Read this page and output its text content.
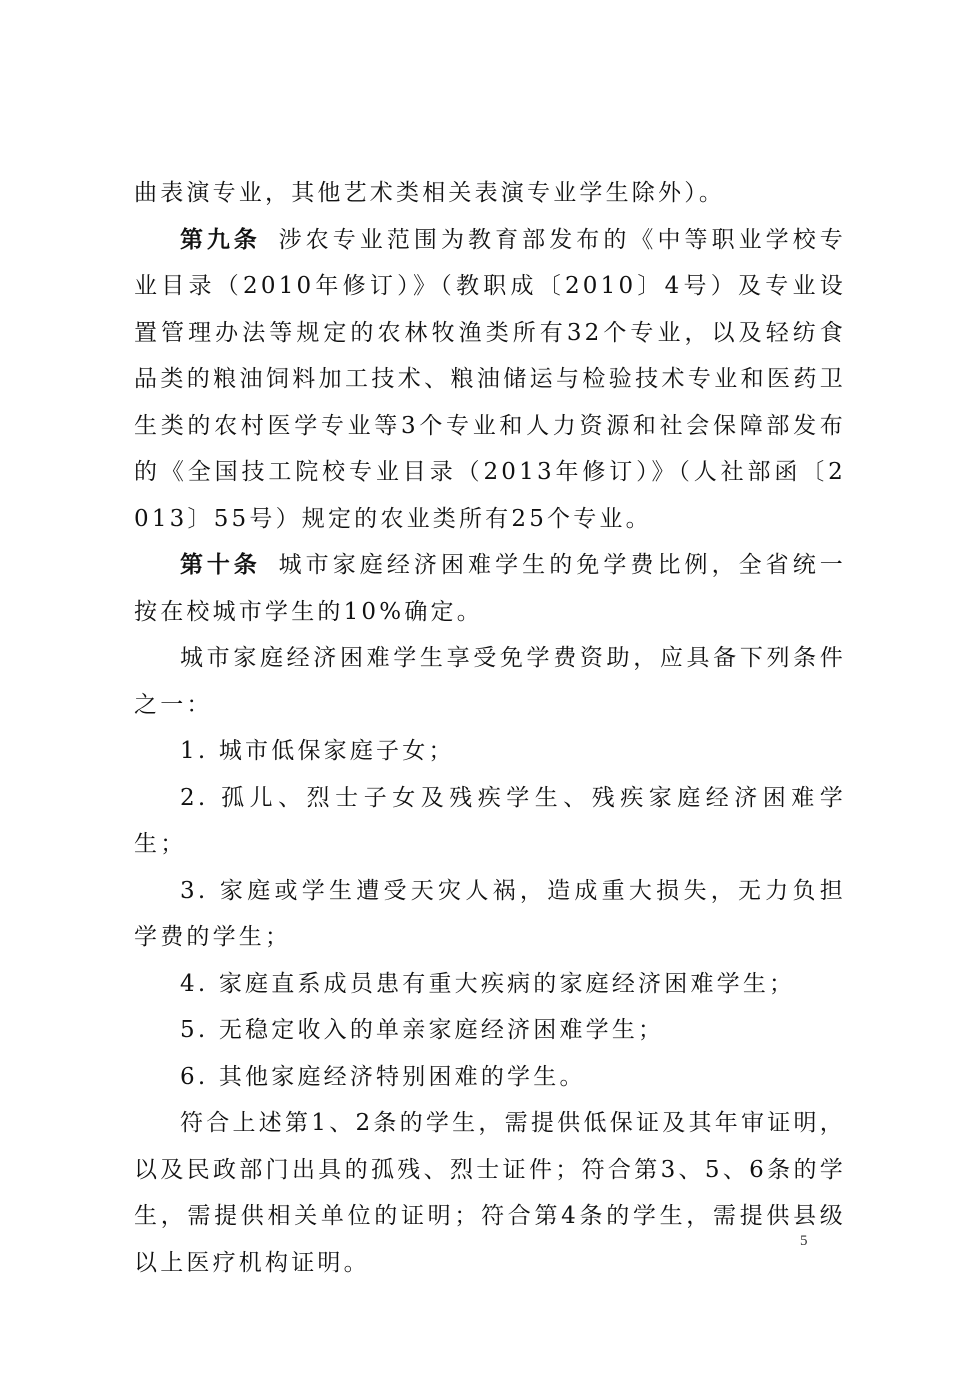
曲表演专业，其他艺术类相关表演专业学生除外）。

第九条 涉农专业范围为教育部发布的《中等职业学校专业目录（2010年修订）》（教职成〔2010〕4号）及专业设置管理办法等规定的农林牧渔类所有32个专业，以及轻纺食品类的粮油饲料加工技术、粮油储运与检验技术专业和医药卫生类的农村医学专业等3个专业和人力资源和社会保障部发布的《全国技工院校专业目录（2013年修订）》（人社部函〔2013〕55号）规定的农业类所有25个专业。

第十条 城市家庭经济困难学生的免学费比例，全省统一按在校城市学生的10%确定。

城市家庭经济困难学生享受免学费资助，应具备下列条件之一：

1. 城市低保家庭子女；

2. 孤儿、烈士子女及残疾学生、残疾家庭经济困难学生；

3. 家庭或学生遭受天灾人祸，造成重大损失，无力负担学费的学生；

4. 家庭直系成员患有重大疾病的家庭经济困难学生；

5. 无稳定收入的单亲家庭经济困难学生；

6. 其他家庭经济特别困难的学生。

符合上述第1、2条的学生，需提供低保证及其年审证明，以及民政部门出具的孤残、烈士证件；符合第3、5、6条的学生，需提供相关单位的证明；符合第4条的学生，需提供县级以上医疗机构证明。

5
